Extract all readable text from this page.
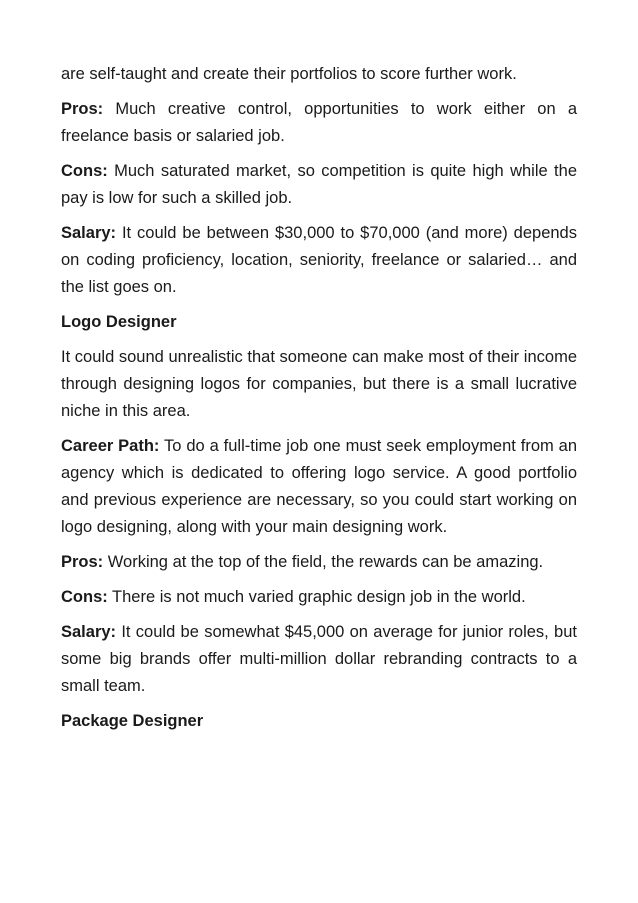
are self-taught and create their portfolios to score further work.

Pros: Much creative control, opportunities to work either on a freelance basis or salaried job.

Cons: Much saturated market, so competition is quite high while the pay is low for such a skilled job.

Salary: It could be between $30,000 to $70,000 (and more) depends on coding proficiency, location, seniority, freelance or salaried… and the list goes on.

Logo Designer

It could sound unrealistic that someone can make most of their income through designing logos for companies, but there is a small lucrative niche in this area.

Career Path: To do a full-time job one must seek employment from an agency which is dedicated to offering logo service. A good portfolio and previous experience are necessary, so you could start working on logo designing, along with your main designing work.

Pros: Working at the top of the field, the rewards can be amazing.

Cons: There is not much varied graphic design job in the world.

Salary: It could be somewhat $45,000 on average for junior roles, but some big brands offer multi-million dollar rebranding contracts to a small team.

Package Designer
